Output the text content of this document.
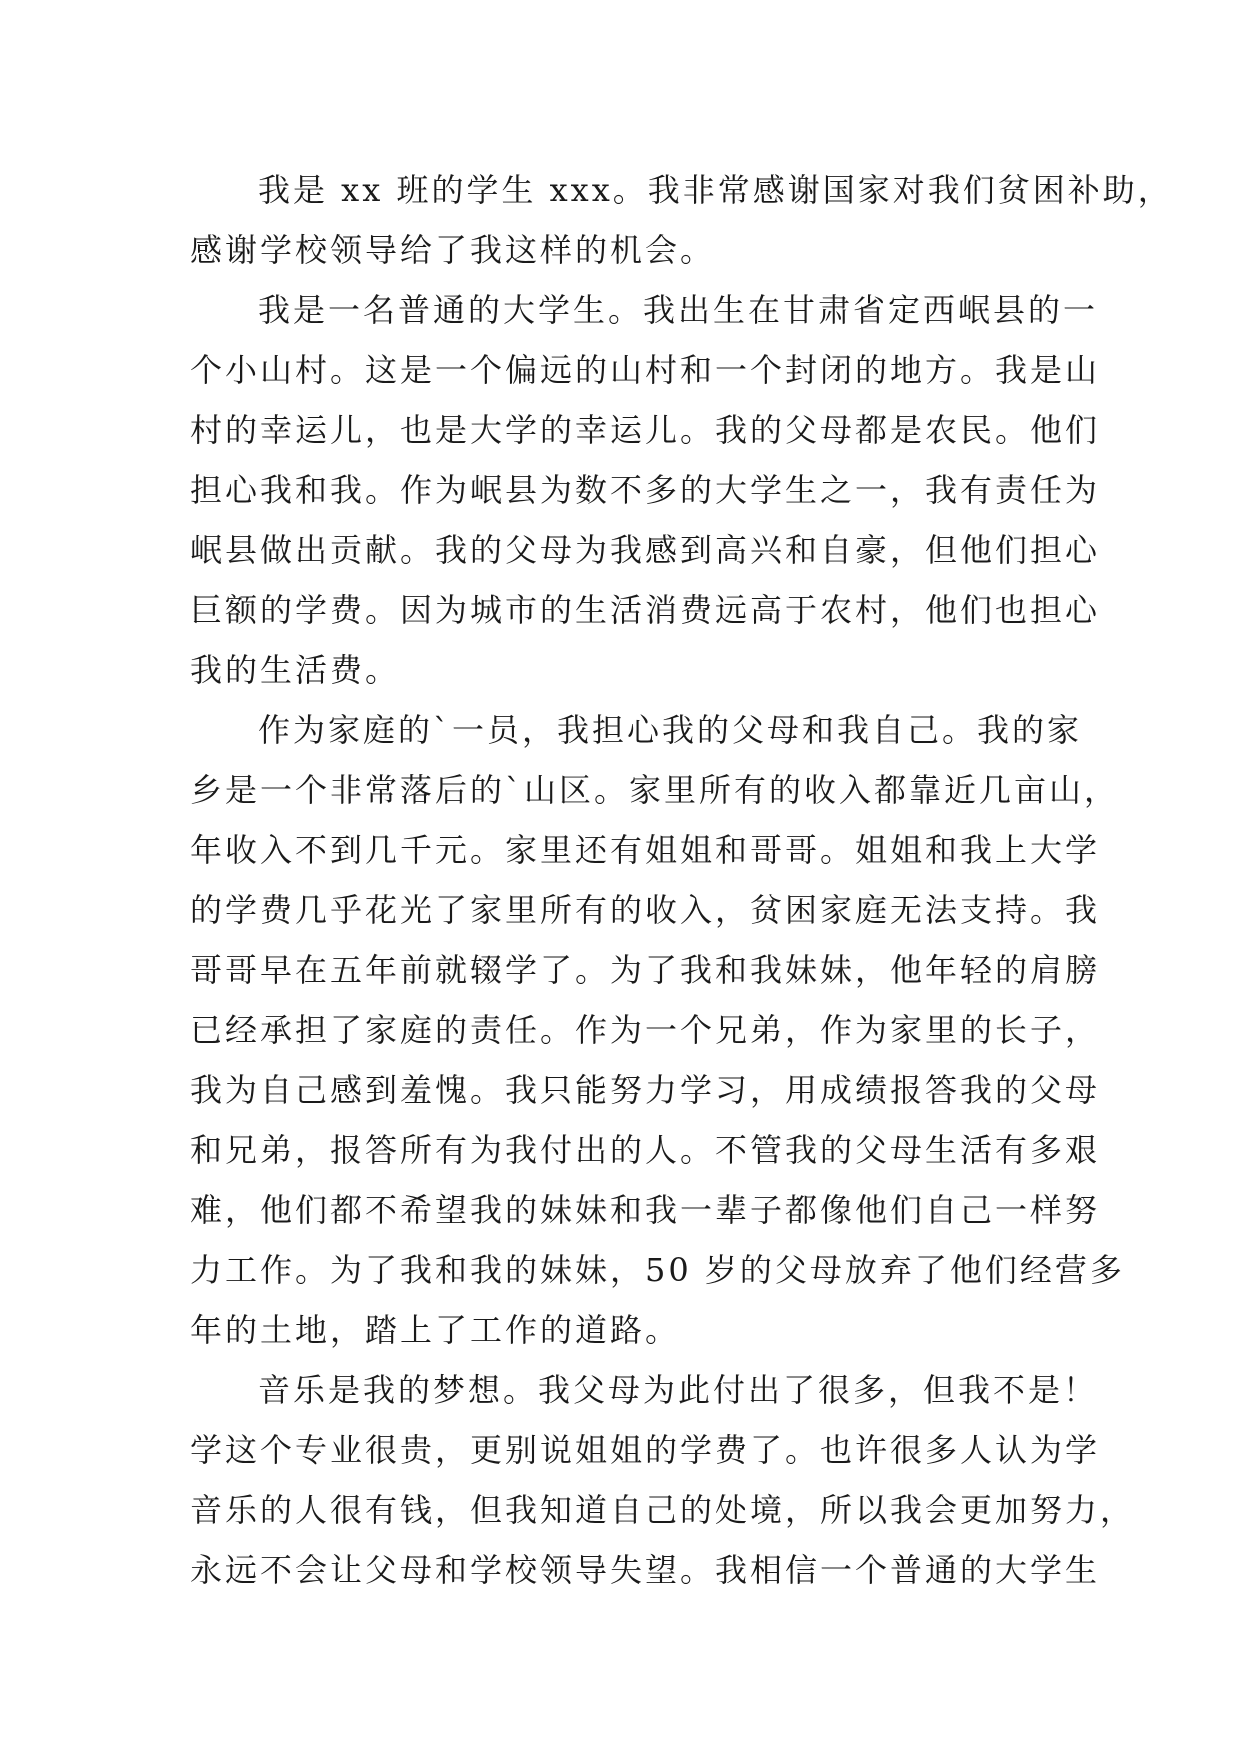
我是 xx 班的学生 xxx。我非常感谢国家对我们贫困补助，
感谢学校领导给了我这样的机会。
我是一名普通的大学生。我出生在甘肃省定西岷县的一
个小山村。这是一个偏远的山村和一个封闭的地方。我是山
村的幸运儿，也是大学的幸运儿。我的父母都是农民。他们
担心我和我。作为岷县为数不多的大学生之一，我有责任为
岷县做出贡献。我的父母为我感到高兴和自豪，但他们担心
巨额的学费。因为城市的生活消费远高于农村，他们也担心
我的生活费。
作为家庭的`一员，我担心我的父母和我自己。我的家
乡是一个非常落后的`山区。家里所有的收入都靠近几亩山，
年收入不到几千元。家里还有姐姐和哥哥。姐姐和我上大学
的学费几乎花光了家里所有的收入，贫困家庭无法支持。我
哥哥早在五年前就辍学了。为了我和我妹妹，他年轻的肩膀
已经承担了家庭的责任。作为一个兄弟，作为家里的长子，
我为自己感到羞愧。我只能努力学习，用成绩报答我的父母
和兄弟，报答所有为我付出的人。不管我的父母生活有多艰
难，他们都不希望我的妹妹和我一辈子都像他们自己一样努
力工作。为了我和我的妹妹，50 岁的父母放弃了他们经营多
年的土地，踏上了工作的道路。
音乐是我的梦想。我父母为此付出了很多，但我不是！
学这个专业很贵，更别说姐姐的学费了。也许很多人认为学
音乐的人很有钱，但我知道自己的处境，所以我会更加努力，
永远不会让父母和学校领导失望。我相信一个普通的大学生
